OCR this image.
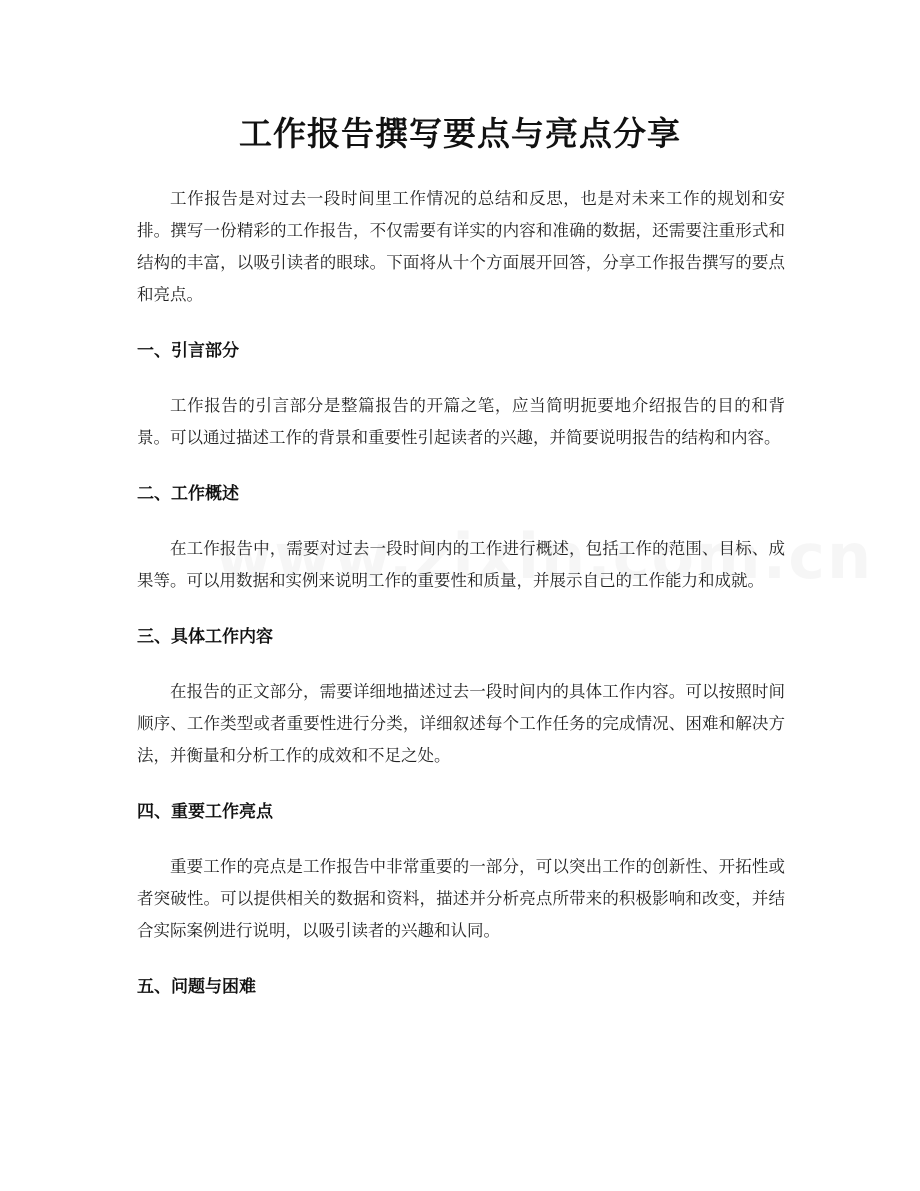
工作报告撰写要点与亮点分享

工作报告是对过去一段时间里工作情况的总结和反思，也是对未来工作的规划和安排。撰写一份精彩的工作报告，不仅需要有详实的内容和准确的数据，还需要注重形式和结构的丰富，以吸引读者的眼球。下面将从十个方面展开回答，分享工作报告撰写的要点和亮点。

一、引言部分

工作报告的引言部分是整篇报告的开篇之笔，应当简明扼要地介绍报告的目的和背景。可以通过描述工作的背景和重要性引起读者的兴趣，并简要说明报告的结构和内容。

二、工作概述

在工作报告中，需要对过去一段时间内的工作进行概述，包括工作的范围、目标、成果等。可以用数据和实例来说明工作的重要性和质量，并展示自己的工作能力和成就。

三、具体工作内容

在报告的正文部分，需要详细地描述过去一段时间内的具体工作内容。可以按照时间顺序、工作类型或者重要性进行分类，详细叙述每个工作任务的完成情况、困难和解决方法，并衡量和分析工作的成效和不足之处。

四、重要工作亮点

重要工作的亮点是工作报告中非常重要的一部分，可以突出工作的创新性、开拓性或者突破性。可以提供相关的数据和资料，描述并分析亮点所带来的积极影响和改变，并结合实际案例进行说明，以吸引读者的兴趣和认同。

五、问题与困难
